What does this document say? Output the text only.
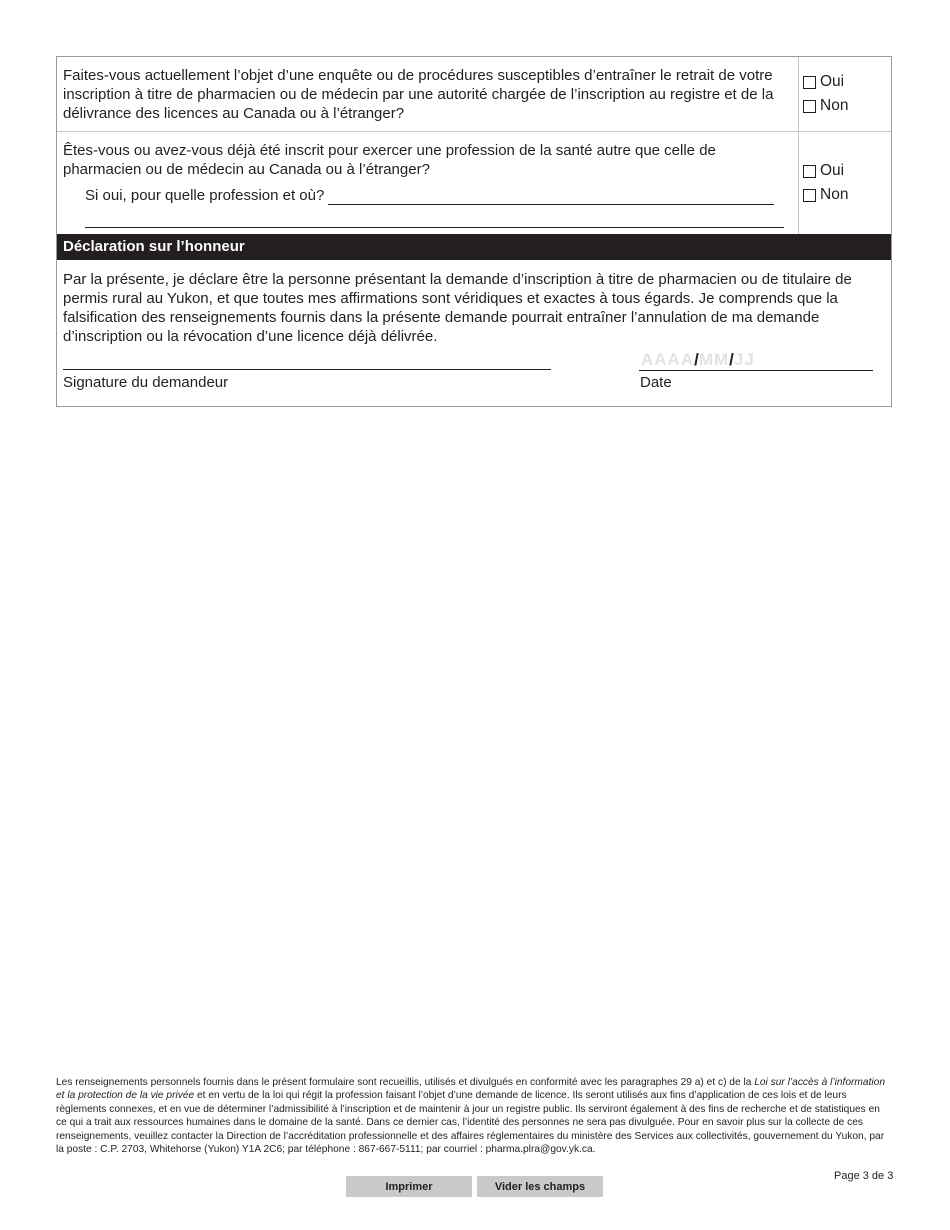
Faites-vous actuellement l’objet d’une enquête ou de procédures susceptibles d’entraîner le retrait de votre inscription à titre de pharmacien ou de médecin par une autorité chargée de l’inscription au registre et de la délivrance des licences au Canada ou à l’étranger?
Oui
Non
Êtes-vous ou avez-vous déjà été inscrit pour exercer une profession de la santé autre que celle de pharmacien ou de médecin au Canada ou à l’étranger?
Si oui, pour quelle profession et où?
Oui
Non
Déclaration sur l’honneur
Par la présente, je déclare être la personne présentant la demande d’inscription à titre de pharmacien ou de titulaire de permis rural au Yukon, et que toutes mes affirmations sont véridiques et exactes à tous égards. Je comprends que la falsification des renseignements fournis dans la présente demande pourrait entraîner l’annulation de ma demande d’inscription ou la révocation d’une licence déjà délivrée.
Signature du demandeur
AAAA/MM/JJ
Date
Les renseignements personnels fournis dans le présent formulaire sont recueillis, utilisés et divulgués en conformité avec les paragraphes 29 a) et c) de la Loi sur l’accès à l’information et la protection de la vie privée et en vertu de la loi qui régit la profession faisant l’objet d’une demande de licence. Ils seront utilisés aux fins d’application de ces lois et de leurs règlements connexes, et en vue de déterminer l’admissibilité à l’inscription et de maintenir à jour un registre public. Ils serviront également à des fins de recherche et de statistiques en ce qui a trait aux ressources humaines dans le domaine de la santé. Dans ce dernier cas, l’identité des personnes ne sera pas divulguée. Pour en savoir plus sur la collecte de ces renseignements, veuillez contacter la Direction de l’accréditation professionnelle et des affaires réglementaires du ministère des Services aux collectivités, gouvernement du Yukon, par la poste : C.P. 2703, Whitehorse (Yukon) Y1A 2C6; par téléphone : 867-667-5111; par courriel : pharma.plra@gov.yk.ca.
Page 3 de 3
Imprimer	Vider les champs
